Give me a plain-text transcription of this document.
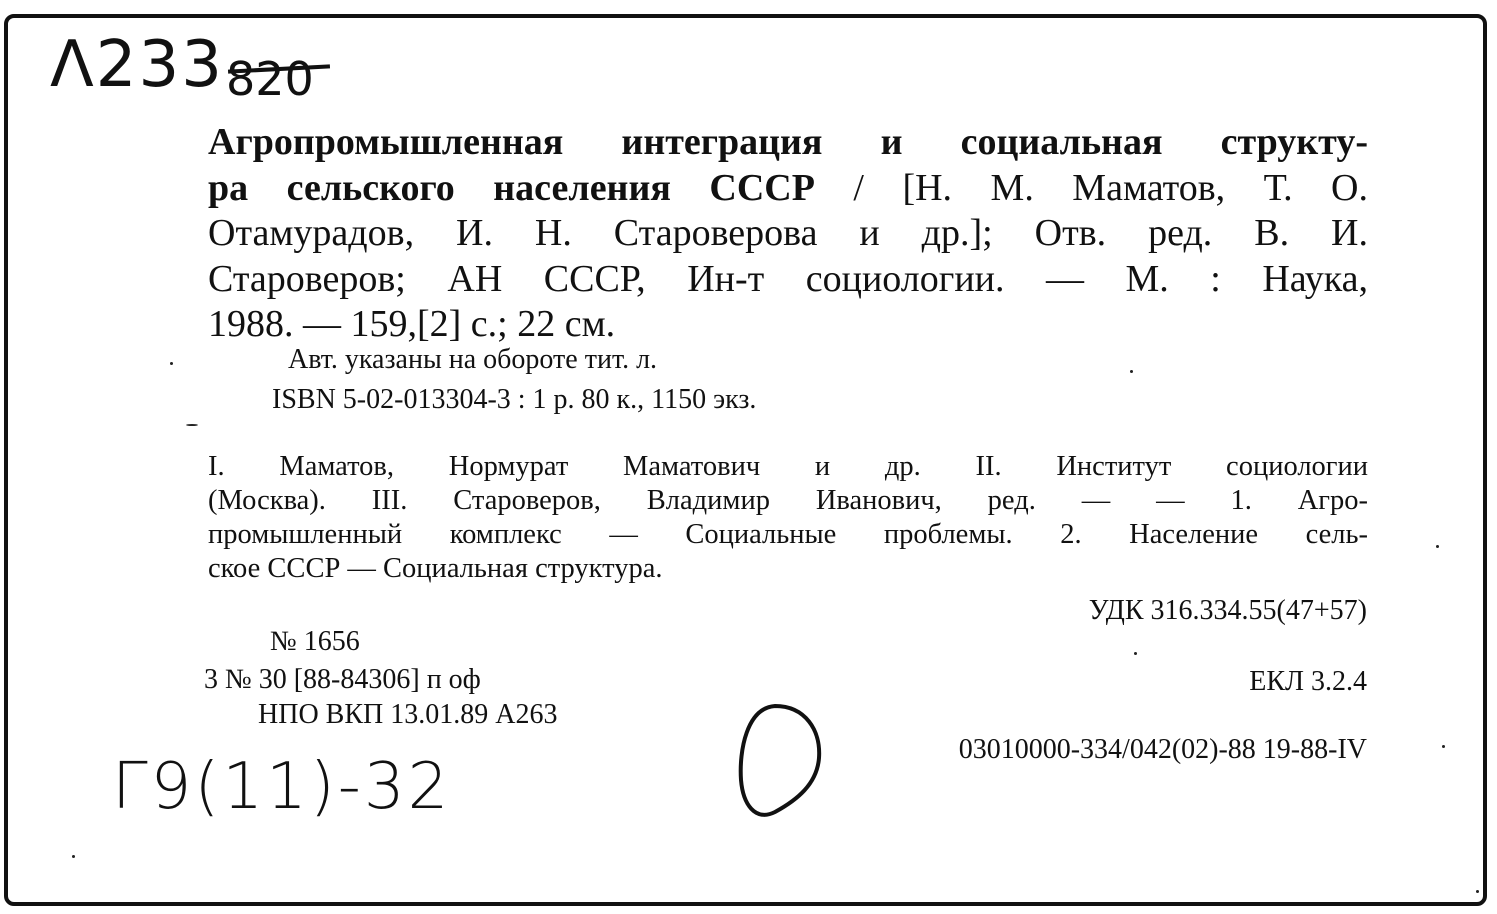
Λ233 820
Агропромышленная интеграция и социальная структу-
ра сельского населения СССР / [Н. М. Маматов, Т. О.
Отамурадов, И. Н. Староверова и др.]; Отв. ред. В. И.
Староверов; АН СССР, Ин-т социологии. — М. : Наука,
1988. — 159,[2] с.; 22 см.
Авт. указаны на обороте тит. л.
ISBN 5-02-013304-3 : 1 р. 80 к., 1150 экз.
I. Маматов, Нормурат Маматович и др. II. Институт социологии
(Москва). III. Староверов, Владимир Иванович, ред. — — 1. Агро-
промышленный комплекс — Социальные проблемы. 2. Население сель-
ское СССР — Социальная структура.
УДК 316.334.55(47+57)
№ 1656
3 № 30 [88-84306] п оф	ЕКЛ 3.2.4
НПО ВКП 13.01.89 А263
03010000-334/042(02)-88 19-88-IV
Г9(11)-32
